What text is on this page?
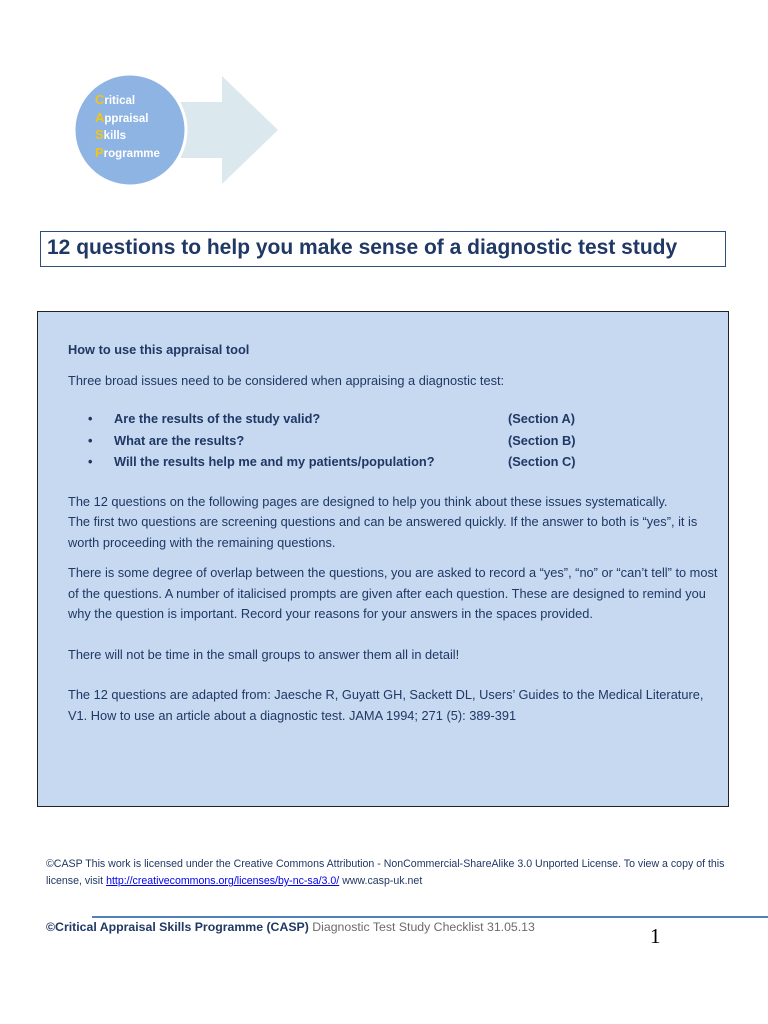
Critical
Appraisal
Skills
Programme
12 questions to help you make sense of a diagnostic test study

How to use this appraisal tool

Three broad issues need to be considered when appraising a diagnostic test:

• Are the results of the study valid?	(Section A)
• What are the results?	(Section B)
• Will the results help me and my patients/population?	(Section C)

The 12 questions on the following pages are designed to help you think about these issues systematically.

The first two questions are screening questions and can be answered quickly. If the answer to both is “yes”, it is worth proceeding with the remaining questions.

There is some degree of overlap between the questions, you are asked to record a “yes”, “no” or “can’t tell” to most of the questions. A number of italicised prompts are given after each question. These are designed to remind you why the question is important. Record your reasons for your answers in the spaces provided.

There will not be time in the small groups to answer them all in detail!

The 12 questions are adapted from: Jaesche R, Guyatt GH, Sackett DL, Users’ Guides to the Medical Literature, V1. How to use an article about a diagnostic test. JAMA 1994; 271 (5): 389-391

©CASP This work is licensed under the Creative Commons Attribution - NonCommercial-ShareAlike 3.0 Unported License. To view a copy of this license, visit http://creativecommons.org/licenses/by-nc-sa/3.0/ www.casp-uk.net
©Critical Appraisal Skills Programme (CASP) Diagnostic Test Study Checklist 31.05.13	1
